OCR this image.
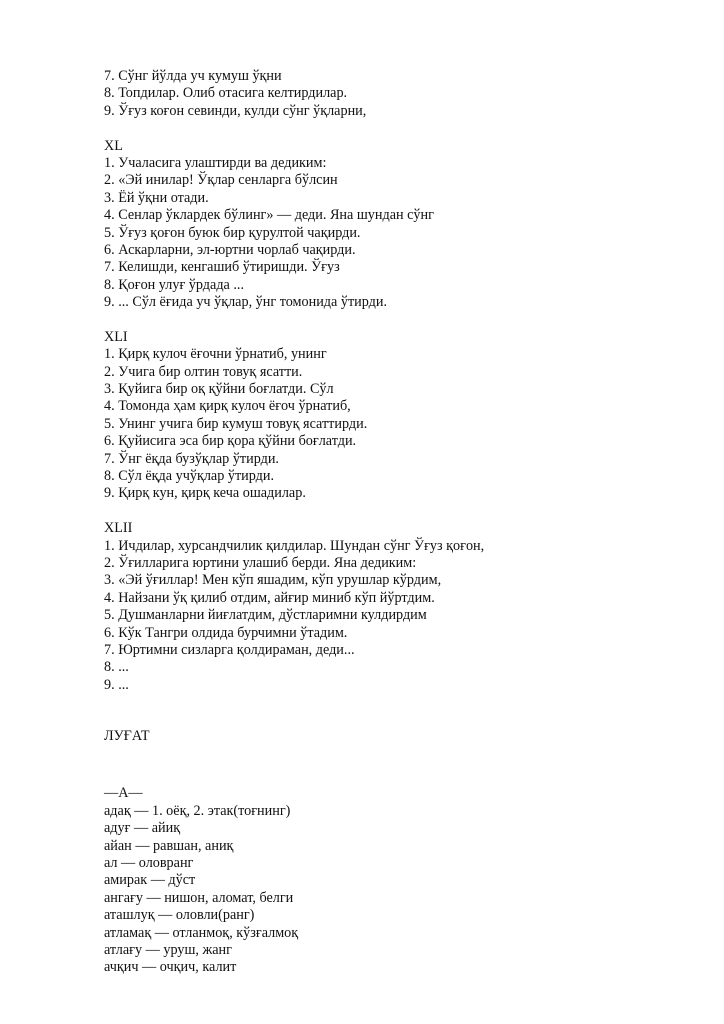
7. Сўнг йўлда уч кумуш ўқни
8. Топдилар. Олиб отасига келтирдилар.
9. Ўғуз коғон севинди, кулди сўнг ўқларни,
XL
1. Учаласига улаштирди ва дедиким:
2. «Эй инилар! Ўқлар сенларга бўлсин
3. Ёй ўқни отади.
4. Сенлар ўклардек бўлинг» — деди. Яна шундан сўнг
5. Ўғуз қоғон буюк бир қурултой чақирди.
6. Аскарларни, эл-юртни чорлаб чақирди.
7. Келишди, кенгашиб ўтиришди. Ўғуз
8. Қоғон улуғ ўрдада ...
9. ... Сўл ёғида уч ўқлар, ўнг томонида ўтирди.
XLI
1. Қирқ кулоч ёғочни ўрнатиб, унинг
2. Учига бир олтин товуқ ясатти.
3. Қуйига бир оқ қўйни боғлатди. Сўл
4. Томонда ҳам қирқ кулоч ёғоч ўрнатиб,
5. Унинг учига бир кумуш товуқ ясаттирди.
6. Қуйисига эса бир қора қўйни боғлатди.
7. Ўнг ёқда бузўқлар ўтирди.
8. Сўл ёқда учўқлар ўтирди.
9. Қирқ кун, қирқ кеча ошадилар.
XLII
1. Ичдилар, хурсандчилик қилдилар. Шундан сўнг Ўғуз қоғон,
2. Ўғилларига юртини улашиб берди. Яна дедиким:
3. «Эй ўғиллар! Мен кўп яшадим, кўп урушлар кўрдим,
4. Найзани ўқ қилиб отдим, айғир миниб кўп йўртдим.
5. Душманларни йиғлатдим, дўстларимни кулдирдим
6. Кўк Тангри олдида бурчимни ўтадим.
7. Юртимни сизларга қолдираман, деди...
8. ...
9. ...
ЛУҒАТ
—А—
адақ — 1. оёқ, 2. этак(тоғнинг)
адуғ — айиқ
айан — равшан, аниқ
ал — оловранг
амирак — дўст
ангағу — нишон, аломат, белги
аташлуқ — оловли(ранг)
атламақ — отланмоқ, кўзғалмоқ
атлағу — уруш, жанг
ачқич — очқич, калит
